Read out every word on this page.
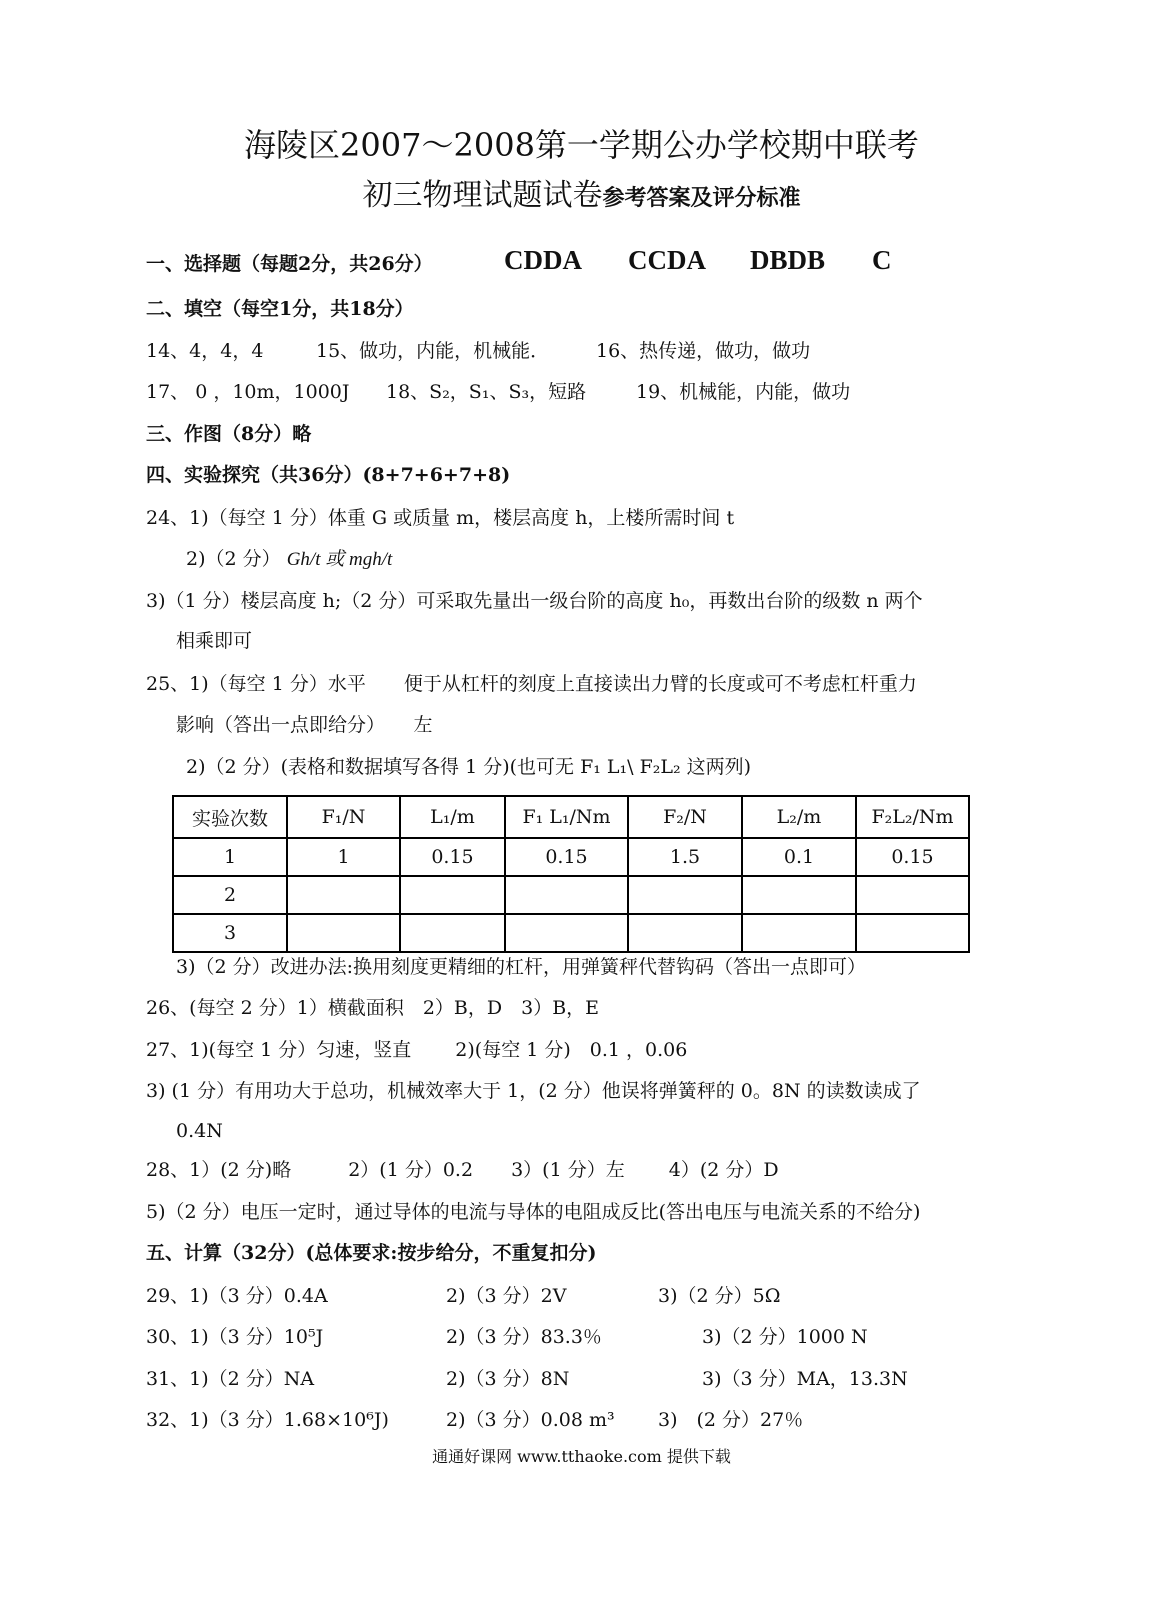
海陵区2007～2008第一学期公办学校期中联考
初三物理试题试卷参考答案及评分标准
一、选择题（每题2分，共26分）	CDDA CCDA DBDB C
二、填空（每空1分，共18分）
14、4，4，4	15、做功，内能，机械能． 16、热传递，做功，做功
17、 0 ，10m，1000J 18、S₂，S₁、S₃，短路	19、机械能，内能，做功
三、作图（8分）略
四、实验探究（共36分）(8+7+6+7+8)
24、1)（每空 1 分）体重 G 或质量 m，楼层高度 h，上楼所需时间 t
2)（2 分） Gh/t 或 mgh/t
3)（1 分）楼层高度 h;（2 分）可采取先量出一级台阶的高度 h₀，再数出台阶的级数 n 两个
相乘即可
25、1)（每空 1 分）水平　　便于从杠杆的刻度上直接读出力臂的长度或可不考虑杠杆重力
影响（答出一点即给分）　　左
2)（2 分）(表格和数据填写各得 1 分)(也可无 F₁ L₁\ F₂L₂ 这两列)
实验次数	F₁/N	L₁/m	F₁ L₁/Nm	F₂/N	L₂/m	F₂L₂/Nm
1	1	0.15	0.15	1.5	0.1	0.15
2						
3						
3)（2 分）改进办法:换用刻度更精细的杠杆，用弹簧秤代替钩码（答出一点即可）
26、(每空 2 分）1）横截面积　2）B，D　3）B，E
27、1)(每空 1 分）匀速，竖直　　 2)(每空 1 分)　0.1 ，0.06
3) (1 分）有用功大于总功，机械效率大于 1，(2 分）他误将弹簧秤的 0。8N 的读数读成了
0.4N
28、1）(2 分)略　　　2）(1 分）0.2　　3）(1 分）左　　 4）(2 分）D
5)（2 分）电压一定时，通过导体的电流与导体的电阻成反比(答出电压与电流关系的不给分)
五、计算（32分）(总体要求:按步给分，不重复扣分)
29、1)（3 分）0.4A	2)（3 分）2V	3)（2 分）5Ω
30、1)（3 分）10⁵J	2)（3 分）83.3％	3)（2 分）1000 N
31、1)（2 分）NA	2)（3 分）8N	3)（3 分）MA，13.3N
32、1)（3 分）1.68×10⁶J)	2)（3 分）0.08 m³ 3)　(2 分）27％
通通好课网 www.tthaoke.com 提供下载
